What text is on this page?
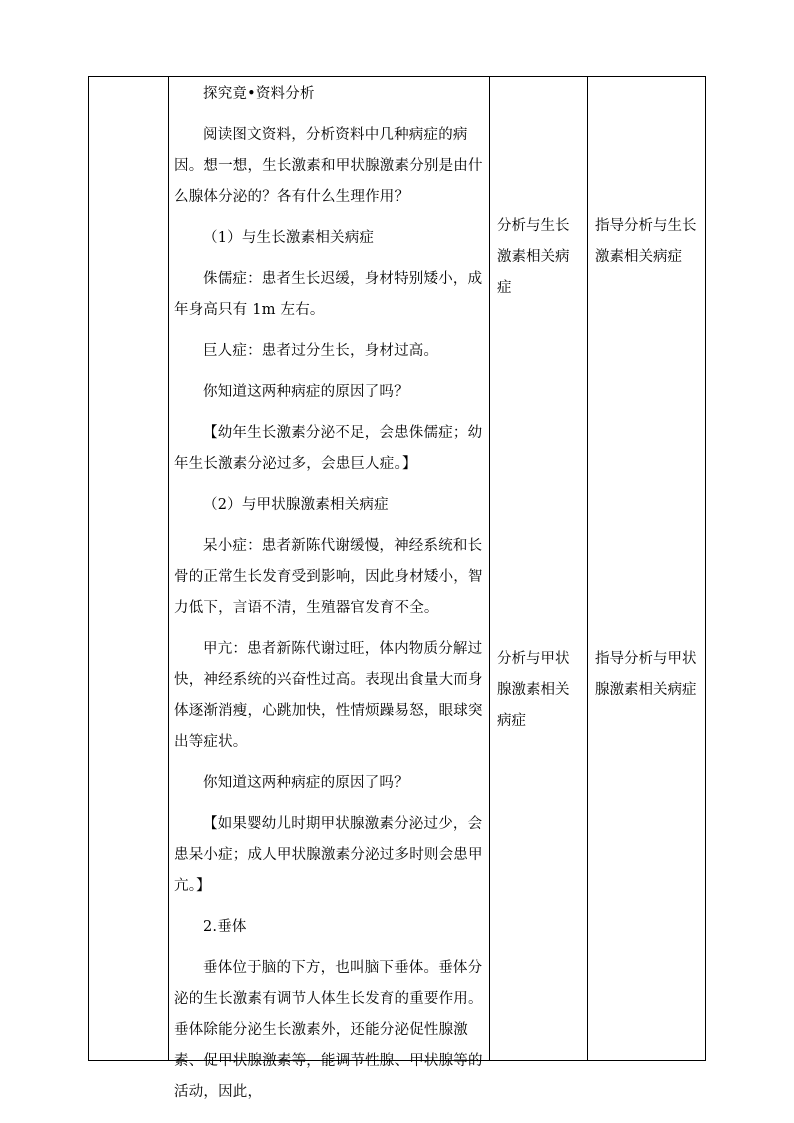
探究竟•资料分析

阅读图文资料，分析资料中几种病症的病因。想一想，生长激素和甲状腺激素分别是由什么腺体分泌的？各有什么生理作用？

（1）与生长激素相关病症

侏儒症：患者生长迟缓，身材特别矮小，成年身高只有 1m 左右。

巨人症：患者过分生长，身材过高。

你知道这两种病症的原因了吗？

【幼年生长激素分泌不足，会患侏儒症；幼年生长激素分泌过多，会患巨人症。】

（2）与甲状腺激素相关病症

呆小症：患者新陈代谢缓慢，神经系统和长骨的正常生长发育受到影响，因此身材矮小，智力低下，言语不清，生殖器官发育不全。

甲亢：患者新陈代谢过旺，体内物质分解过快，神经系统的兴奋性过高。表现出食量大而身体逐渐消瘦，心跳加快，性情烦躁易怒，眼球突出等症状。

你知道这两种病症的原因了吗？

【如果婴幼儿时期甲状腺激素分泌过少，会患呆小症；成人甲状腺激素分泌过多时则会患甲亢。】

2.垂体

垂体位于脑的下方，也叫脑下垂体。垂体分泌的生长激素有调节人体生长发育的重要作用。垂体除能分泌生长激素外，还能分泌促性腺激素、促甲状腺激素等，能调节性腺、甲状腺等的活动，因此，

分析与生长激素相关病症
指导分析与生长激素相关病症
分析与甲状腺激素相关病症
指导分析与甲状腺激素相关病症
